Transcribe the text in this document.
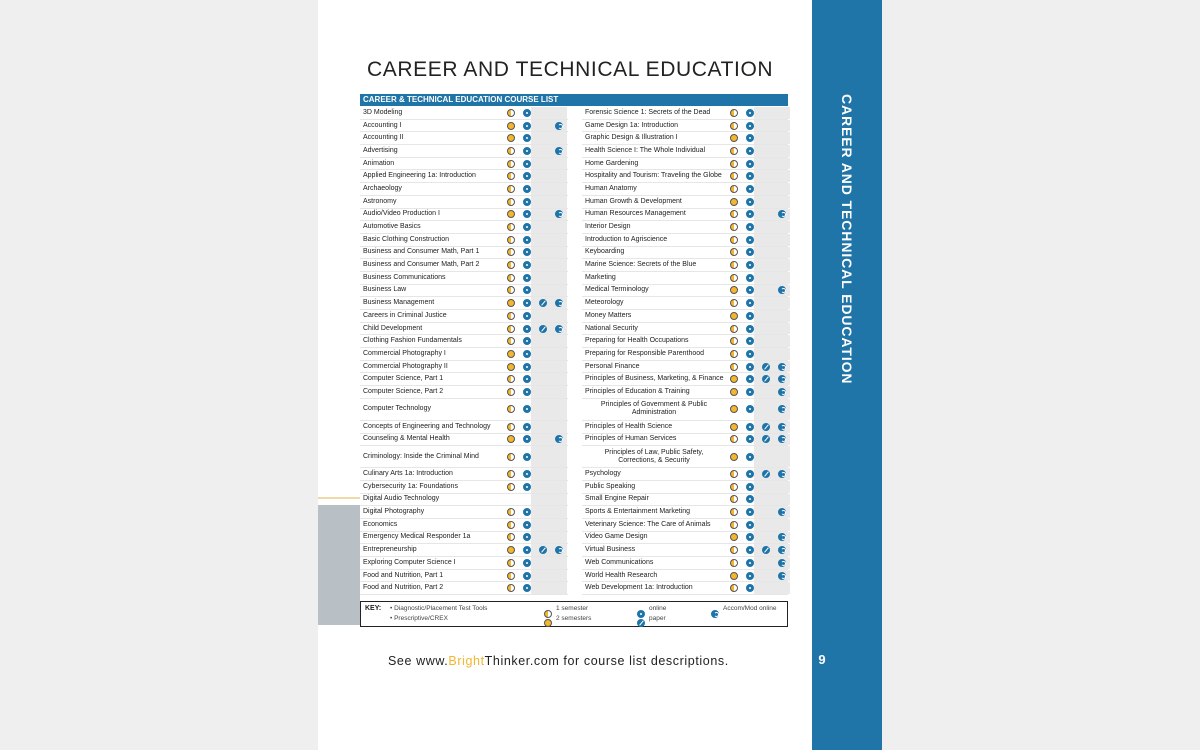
CAREER AND TECHNICAL EDUCATION
9
CAREER AND TECHNICAL EDUCATION
CAREER & TECHNICAL EDUCATION COURSE LIST
3D Modeling
Accounting I
Accounting II
Advertising
Animation
Applied Engineering 1a: Introduction
Archaeology
Astronomy
Audio/Video Production I
Automotive Basics
Basic Clothing Construction
Business and Consumer Math, Part 1
Business and Consumer Math, Part 2
Business Communications
Business Law
Business Management
Careers in Criminal Justice
Child Development
Clothing Fashion Fundamentals
Commercial Photography I
Commercial Photography II
Computer Science, Part 1
Computer Science, Part 2
Computer Technology
Concepts of Engineering and Technology
Counseling & Mental Health
Criminology: Inside the Criminal Mind
Culinary Arts 1a: Introduction
Cybersecurity 1a: Foundations
Digital Audio Technology
Digital Photography
Economics
Emergency Medical Responder 1a
Entrepreneurship
Exploring Computer Science I
Food and Nutrition, Part 1
Food and Nutrition, Part 2
Forensic Science 1: Secrets of the Dead
Game Design 1a: Introduction
Graphic Design & Illustration I
Health Science I: The Whole Individual
Home Gardening
Hospitality and Tourism: Traveling the Globe
Human Anatomy
Human Growth & Development
Human Resources Management
Interior Design
Introduction to Agriscience
Keyboarding
Marine Science: Secrets of the Blue
Marketing
Medical Terminology
Meteorology
Money Matters
National Security
Preparing for Health Occupations
Preparing for Responsible Parenthood
Personal Finance
Principles of Business, Marketing, & Finance
Principles of Education & Training
Principles of Government & Public Administration
Principles of Health Science
Principles of Human Services
Principles of Law, Public Safety, Corrections, & Security
Psychology
Public Speaking
Small Engine Repair
Sports & Entertainment Marketing
Veterinary Science: The Care of Animals
Video Game Design
Virtual Business
Web Communications
World Health Research
Web Development 1a: Introduction
KEY: • Diagnostic/Placement Test Tools
• Prescriptive/CREX
1 semester
2 semesters
online
paper
Accom/Mod online
See www.BrightThinker.com for course list descriptions.
